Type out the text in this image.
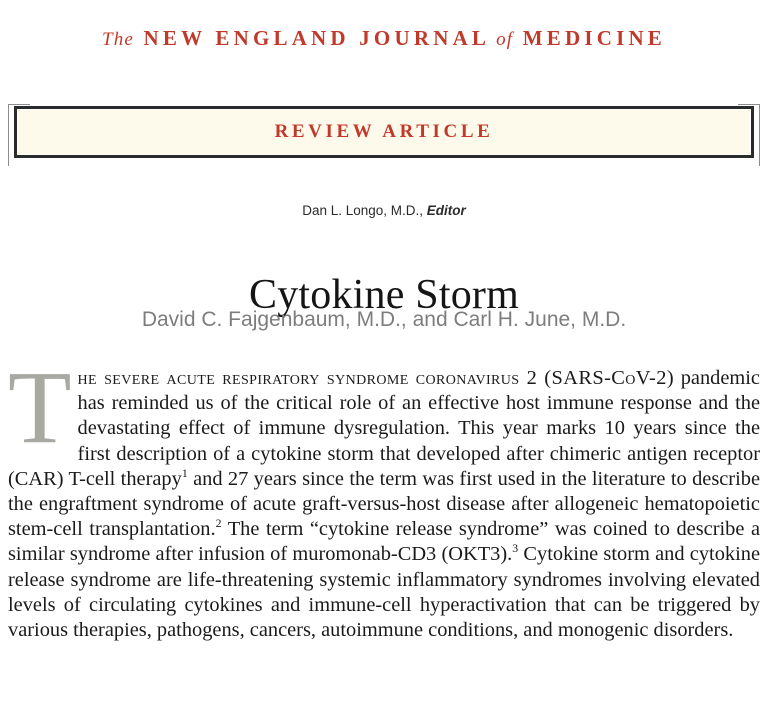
The NEW ENGLAND JOURNAL of MEDICINE
REVIEW ARTICLE
Dan L. Longo, M.D., Editor
Cytokine Storm
David C. Fajgenbaum, M.D., and Carl H. June, M.D.
The severe acute respiratory syndrome coronavirus 2 (SARS-CoV-2) pandemic has reminded us of the critical role of an effective host immune response and the devastating effect of immune dysregulation. This year marks 10 years since the first description of a cytokine storm that developed after chimeric antigen receptor (CAR) T-cell therapy$^1$ and 27 years since the term was first used in the literature to describe the engraftment syndrome of acute graft-versus-host disease after allogeneic hematopoietic stem-cell transplantation.$^2$ The term “cytokine release syndrome” was coined to describe a similar syndrome after infusion of muromonab-CD3 (OKT3).$^3$ Cytokine storm and cytokine release syndrome are life-threatening systemic inflammatory syndromes involving elevated levels of circulating cytokines and immune-cell hyperactivation that can be triggered by various therapies, pathogens, cancers, autoimmune conditions, and monogenic disorders.
